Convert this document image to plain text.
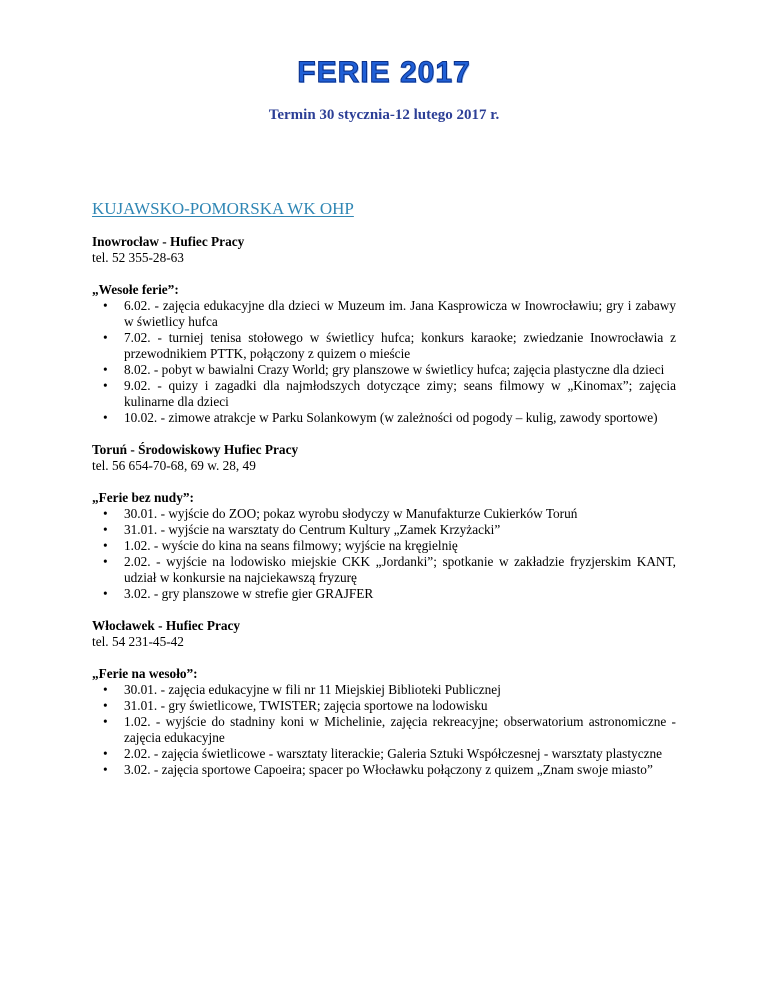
FERIE 2017
Termin 30 stycznia-12 lutego 2017 r.
KUJAWSKO-POMORSKA WK OHP

Inowrocław - Hufiec Pracy

tel. 52 355-28-63

„Wesołe ferie”:

•	6.02. - zajęcia edukacyjne dla dzieci w Muzeum im. Jana Kasprowicza w Inowrocławiu; gry i zabawy w świetlicy hufca
•	7.02. - turniej tenisa stołowego w świetlicy hufca; konkurs karaoke; zwiedzanie Inowrocławia z przewodnikiem PTTK, połączony z quizem o mieście
•	8.02. - pobyt w bawialni Crazy World; gry planszowe w świetlicy hufca; zajęcia plastyczne dla dzieci
•	9.02. - quizy i zagadki dla najmłodszych dotyczące zimy; seans filmowy w „Kinomax”; zajęcia kulinarne dla dzieci
•	10.02. - zimowe atrakcje w Parku Solankowym (w zależności od pogody – kulig, zawody sportowe)

Toruń - Środowiskowy Hufiec Pracy

tel. 56 654-70-68, 69 w. 28, 49

„Ferie bez nudy”:

•	30.01. - wyjście do ZOO; pokaz wyrobu słodyczy w Manufakturze Cukierków Toruń
•	31.01. - wyjście na warsztaty do Centrum Kultury „Zamek Krzyżacki”
•	1.02. - wyście do kina na seans filmowy; wyjście na kręgielnię
•	2.02. - wyjście na lodowisko miejskie CKK „Jordanki”; spotkanie w zakładzie fryzjerskim KANT, udział w konkursie na najciekawszą fryzurę
•	3.02. - gry planszowe w strefie gier GRAJFER

Włocławek - Hufiec Pracy

tel. 54 231-45-42

„Ferie na wesoło”:

•	30.01. - zajęcia edukacyjne w fili nr 11 Miejskiej Biblioteki Publicznej
•	31.01. - gry świetlicowe, TWISTER; zajęcia sportowe na lodowisku
•	1.02. - wyjście do stadniny koni w Michelinie, zajęcia rekreacyjne; obserwatorium astronomiczne - zajęcia edukacyjne
•	2.02. - zajęcia świetlicowe - warsztaty literackie; Galeria Sztuki Współczesnej - warsztaty plastyczne
•	3.02. - zajęcia sportowe Capoeira; spacer po Włocławku połączony z quizem „Znam swoje miasto”
